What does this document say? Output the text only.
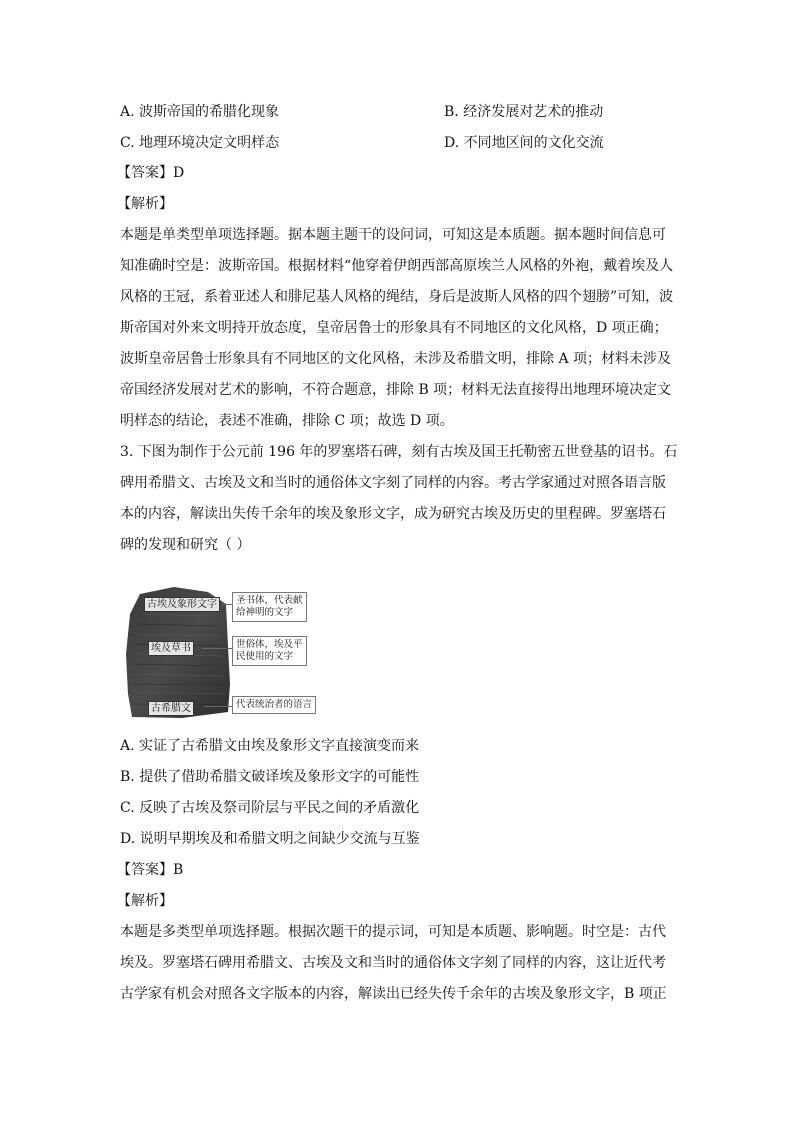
A. 波斯帝国的希腊化现象	B. 经济发展对艺术的推动
C. 地理环境决定文明样态	D. 不同地区间的文化交流
【答案】D
【解析】
本题是单类型单项选择题。据本题主题干的设问词，可知这是本质题。据本题时间信息可
知准确时空是：波斯帝国。根据材料“他穿着伊朗西部高原埃兰人风格的外袍，戴着埃及人
风格的王冠，系着亚述人和腓尼基人风格的绳结，身后是波斯人风格的四个翅膀”可知，波
斯帝国对外来文明持开放态度，皇帝居鲁士的形象具有不同地区的文化风格，D 项正确；
波斯皇帝居鲁士形象具有不同地区的文化风格，未涉及希腊文明，排除 A 项；材料未涉及
帝国经济发展对艺术的影响，不符合题意，排除 B 项；材料无法直接得出地理环境决定文
明样态的结论，表述不准确，排除 C 项；故选 D 项。
3. 下图为制作于公元前 196 年的罗塞塔石碑，刻有古埃及国王托勒密五世登基的诏书。石
碑用希腊文、古埃及文和当时的通俗体文字刻了同样的内容。考古学家通过对照各语言版
本的内容，解读出失传千余年的埃及象形文字，成为研究古埃及历史的里程碑。罗塞塔石
碑的发现和研究（ ）
古埃及象形文字
埃及草书
古希腊文
圣书体，代表献
给神明的文字
世俗体，埃及平
民使用的文字
代表统治者的语言
A. 实证了古希腊文由埃及象形文字直接演变而来
B. 提供了借助希腊文破译埃及象形文字的可能性
C. 反映了古埃及祭司阶层与平民之间的矛盾激化
D. 说明早期埃及和希腊文明之间缺少交流与互鉴
【答案】B
【解析】
本题是多类型单项选择题。根据次题干的提示词，可知是本质题、影响题。时空是：古代
埃及。罗塞塔石碑用希腊文、古埃及文和当时的通俗体文字刻了同样的内容，这让近代考
古学家有机会对照各文字版本的内容，解读出已经失传千余年的古埃及象形文字，B 项正
